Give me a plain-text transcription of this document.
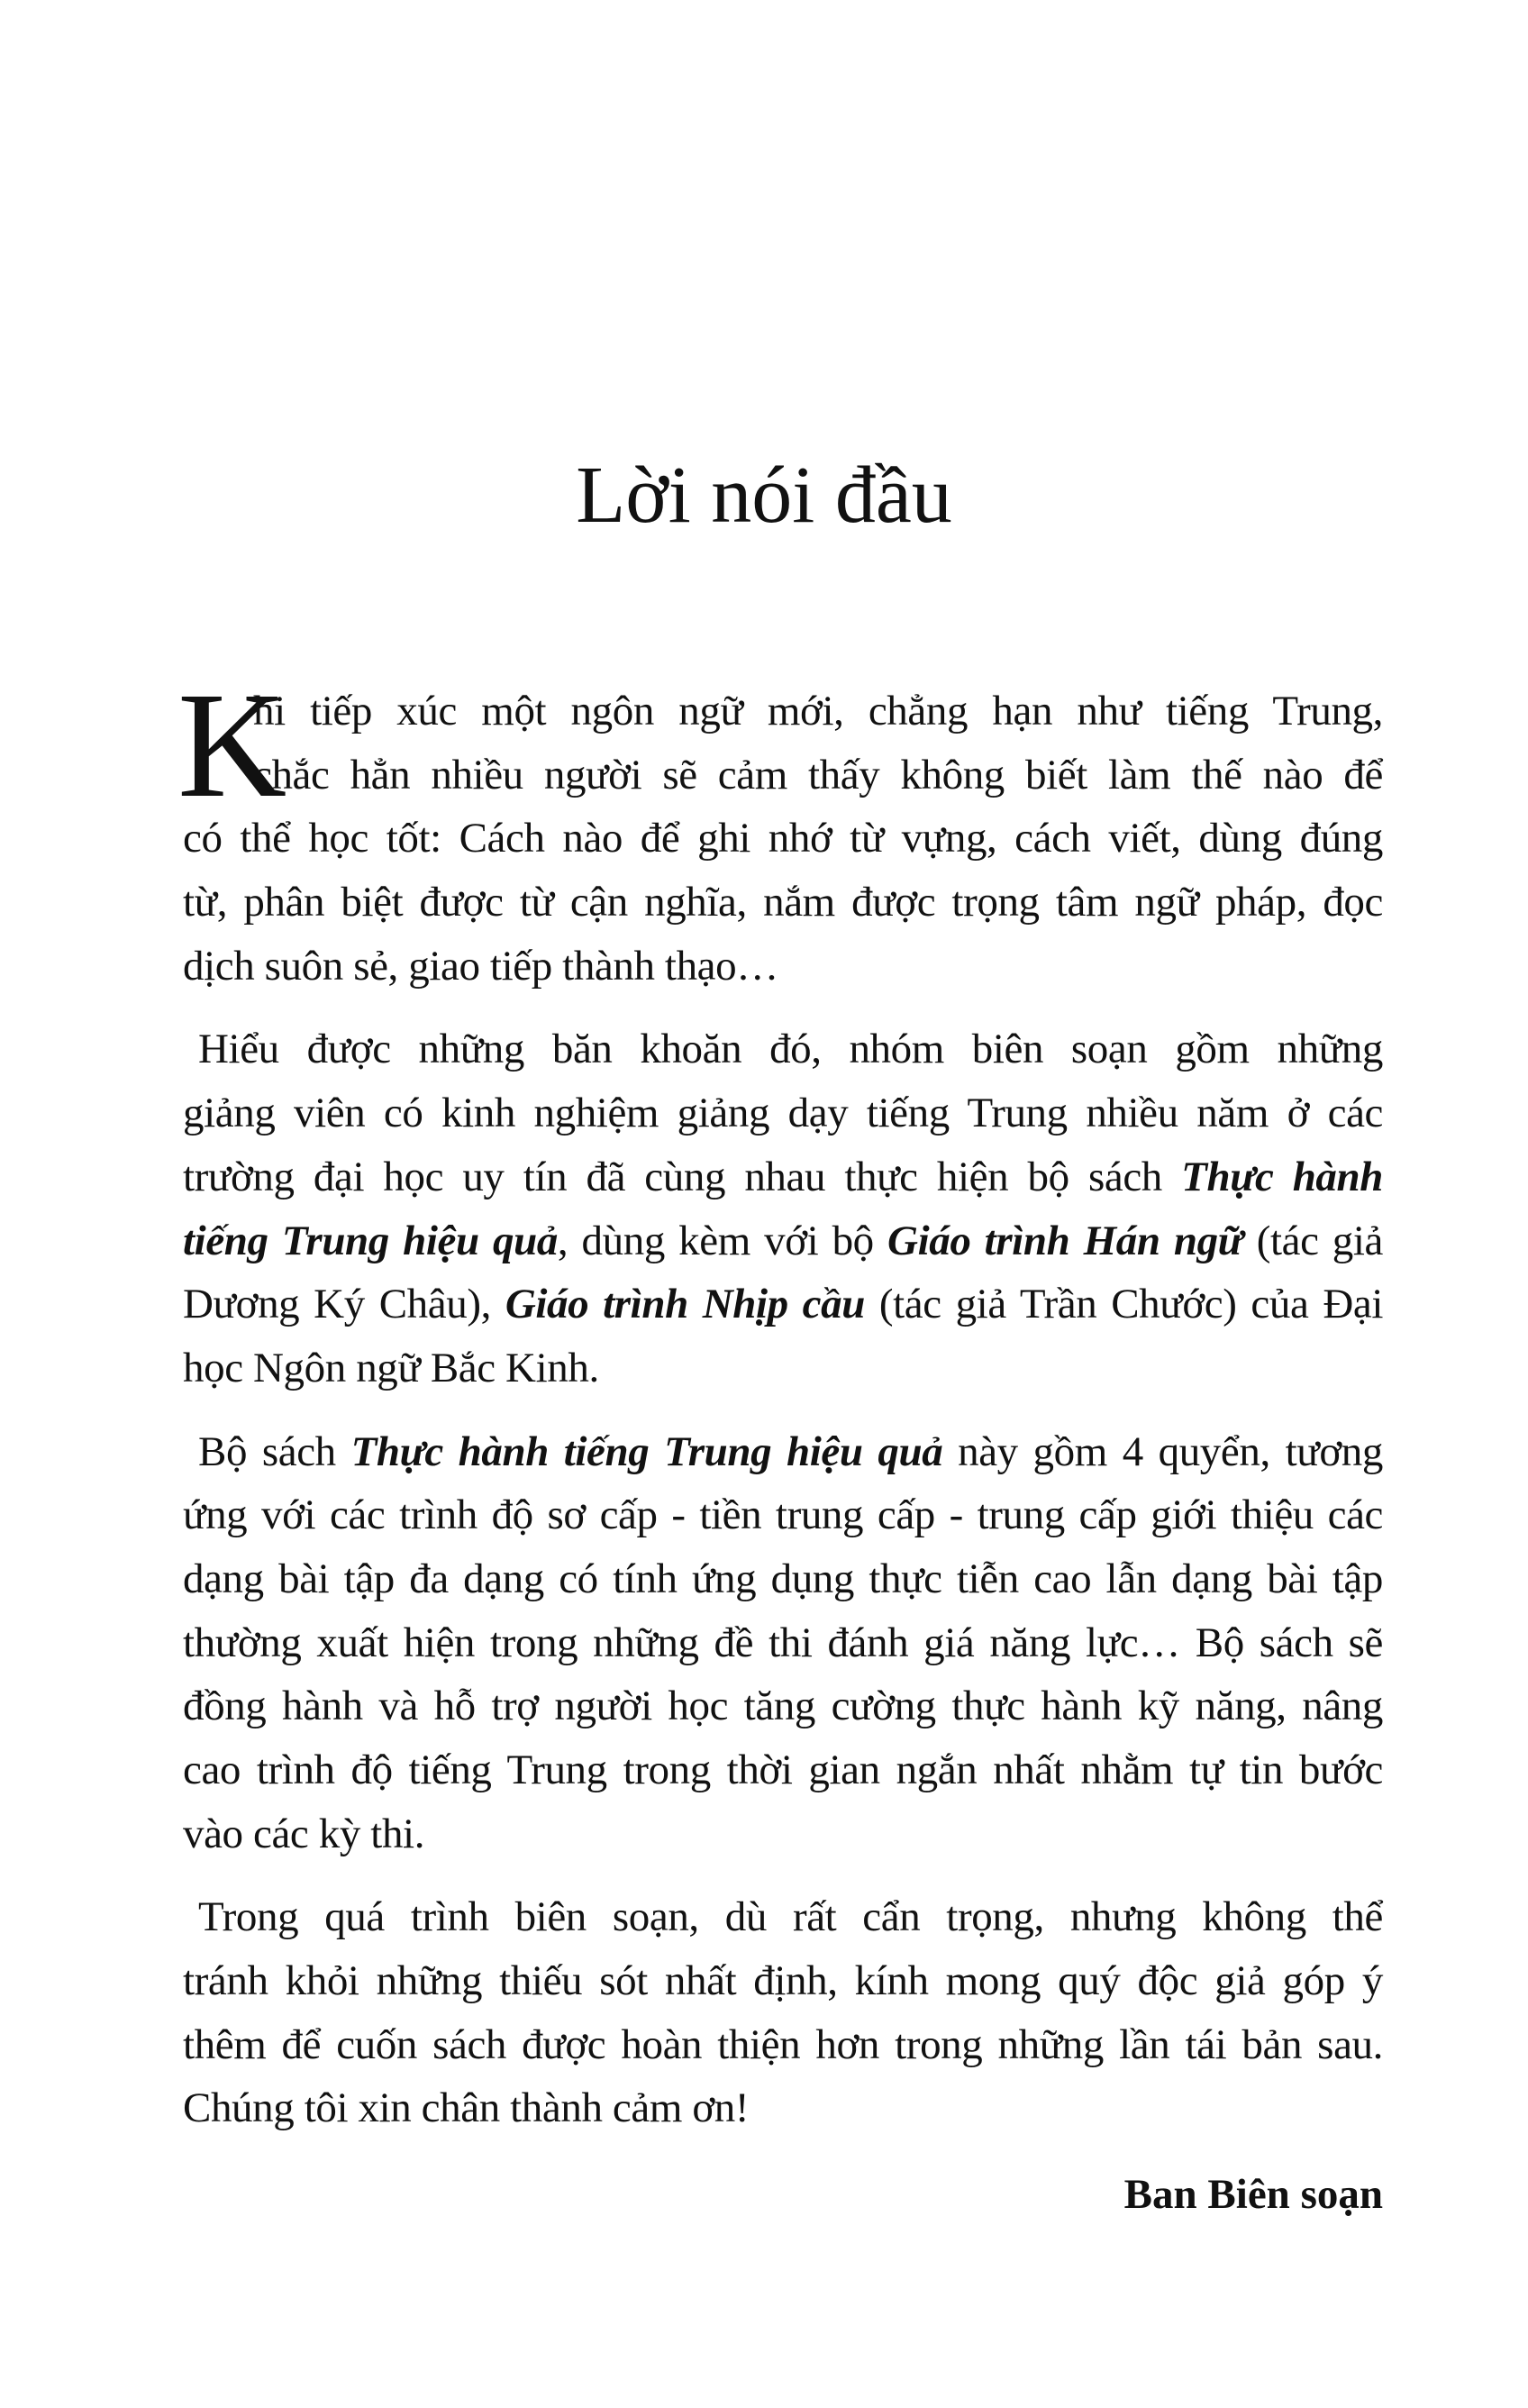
Lời nói đầu
K
hi tiếp xúc một ngôn ngữ mới, chẳng hạn như tiếng Trung,
chắc hẳn nhiều người sẽ cảm thấy không biết làm thế nào để
có thể học tốt: Cách nào để ghi nhớ từ vựng, cách viết, dùng đúng
từ, phân biệt được từ cận nghĩa, nắm được trọng tâm ngữ pháp, đọc
dịch suôn sẻ, giao tiếp thành thạo…
Hiểu được những băn khoăn đó, nhóm biên soạn gồm những
giảng viên có kinh nghiệm giảng dạy tiếng Trung nhiều năm ở các
trường đại học uy tín đã cùng nhau thực hiện bộ sách Thực hành
tiếng Trung hiệu quả, dùng kèm với bộ Giáo trình Hán ngữ (tác giả
Dương Ký Châu), Giáo trình Nhịp cầu (tác giả Trần Chước) của Đại
học Ngôn ngữ Bắc Kinh.
Bộ sách Thực hành tiếng Trung hiệu quả này gồm 4 quyển, tương
ứng với các trình độ sơ cấp - tiền trung cấp - trung cấp giới thiệu các
dạng bài tập đa dạng có tính ứng dụng thực tiễn cao lẫn dạng bài tập
thường xuất hiện trong những đề thi đánh giá năng lực… Bộ sách sẽ
đồng hành và hỗ trợ người học tăng cường thực hành kỹ năng, nâng
cao trình độ tiếng Trung trong thời gian ngắn nhất nhằm tự tin bước
vào các kỳ thi.
Trong quá trình biên soạn, dù rất cẩn trọng, nhưng không thể
tránh khỏi những thiếu sót nhất định, kính mong quý độc giả góp ý
thêm để cuốn sách được hoàn thiện hơn trong những lần tái bản sau.
Chúng tôi xin chân thành cảm ơn!
Ban Biên soạn
